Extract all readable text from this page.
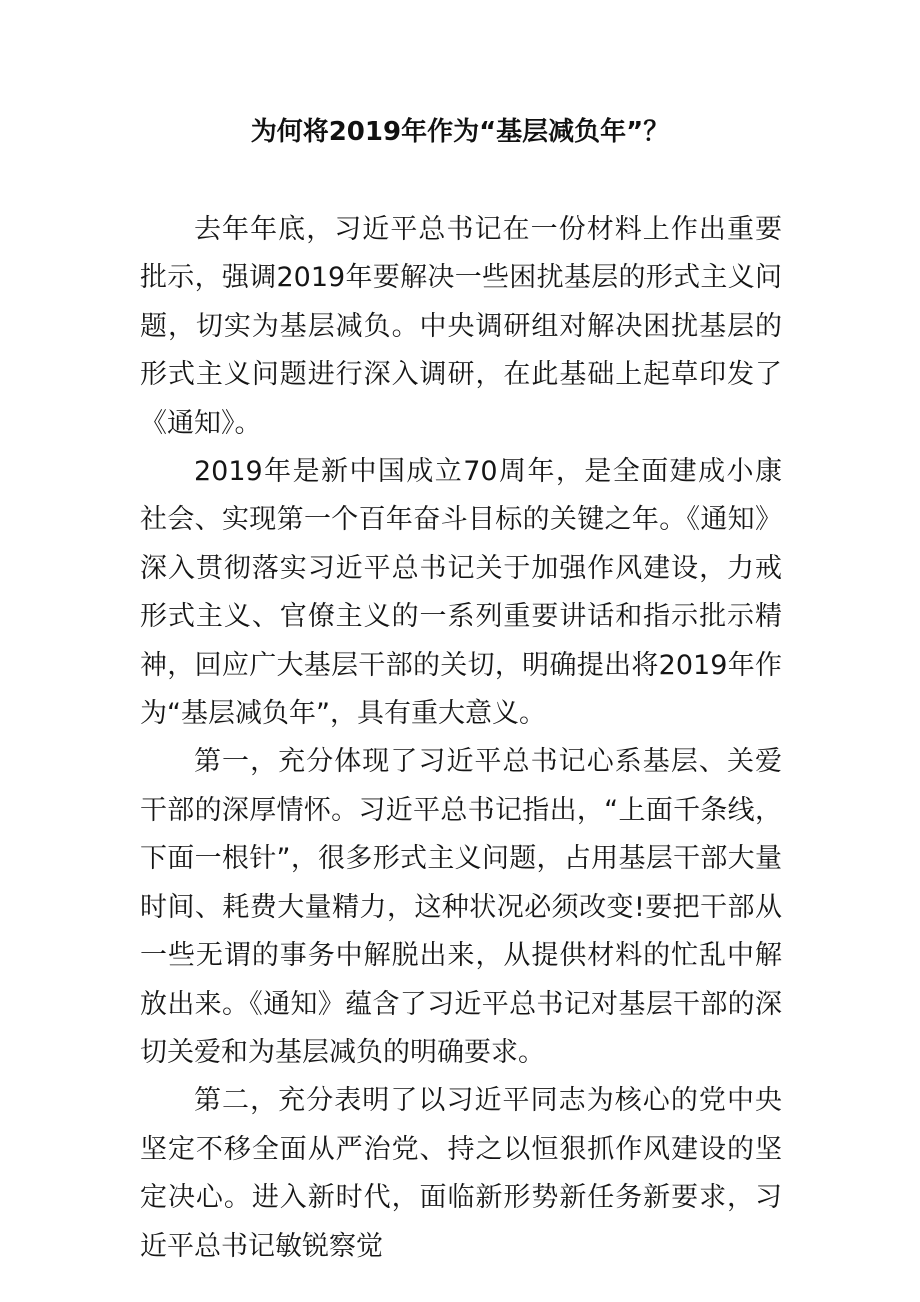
为何将2019年作为“基层减负年”？

去年年底，习近平总书记在一份材料上作出重要批示，强调2019年要解决一些困扰基层的形式主义问题，切实为基层减负。中央调研组对解决困扰基层的形式主义问题进行深入调研，在此基础上起草印发了《通知》。

2019年是新中国成立70周年，是全面建成小康社会、实现第一个百年奋斗目标的关键之年。《通知》深入贯彻落实习近平总书记关于加强作风建设，力戒形式主义、官僚主义的一系列重要讲话和指示批示精神，回应广大基层干部的关切，明确提出将2019年作为“基层减负年”，具有重大意义。

第一，充分体现了习近平总书记心系基层、关爱干部的深厚情怀。习近平总书记指出，“上面千条线，下面一根针”，很多形式主义问题，占用基层干部大量时间、耗费大量精力，这种状况必须改变!要把干部从一些无谓的事务中解脱出来，从提供材料的忙乱中解放出来。《通知》蕴含了习近平总书记对基层干部的深切关爱和为基层减负的明确要求。

第二，充分表明了以习近平同志为核心的党中央坚定不移全面从严治党、持之以恒狠抓作风建设的坚定决心。进入新时代，面临新形势新任务新要求，习近平总书记敏锐察觉
